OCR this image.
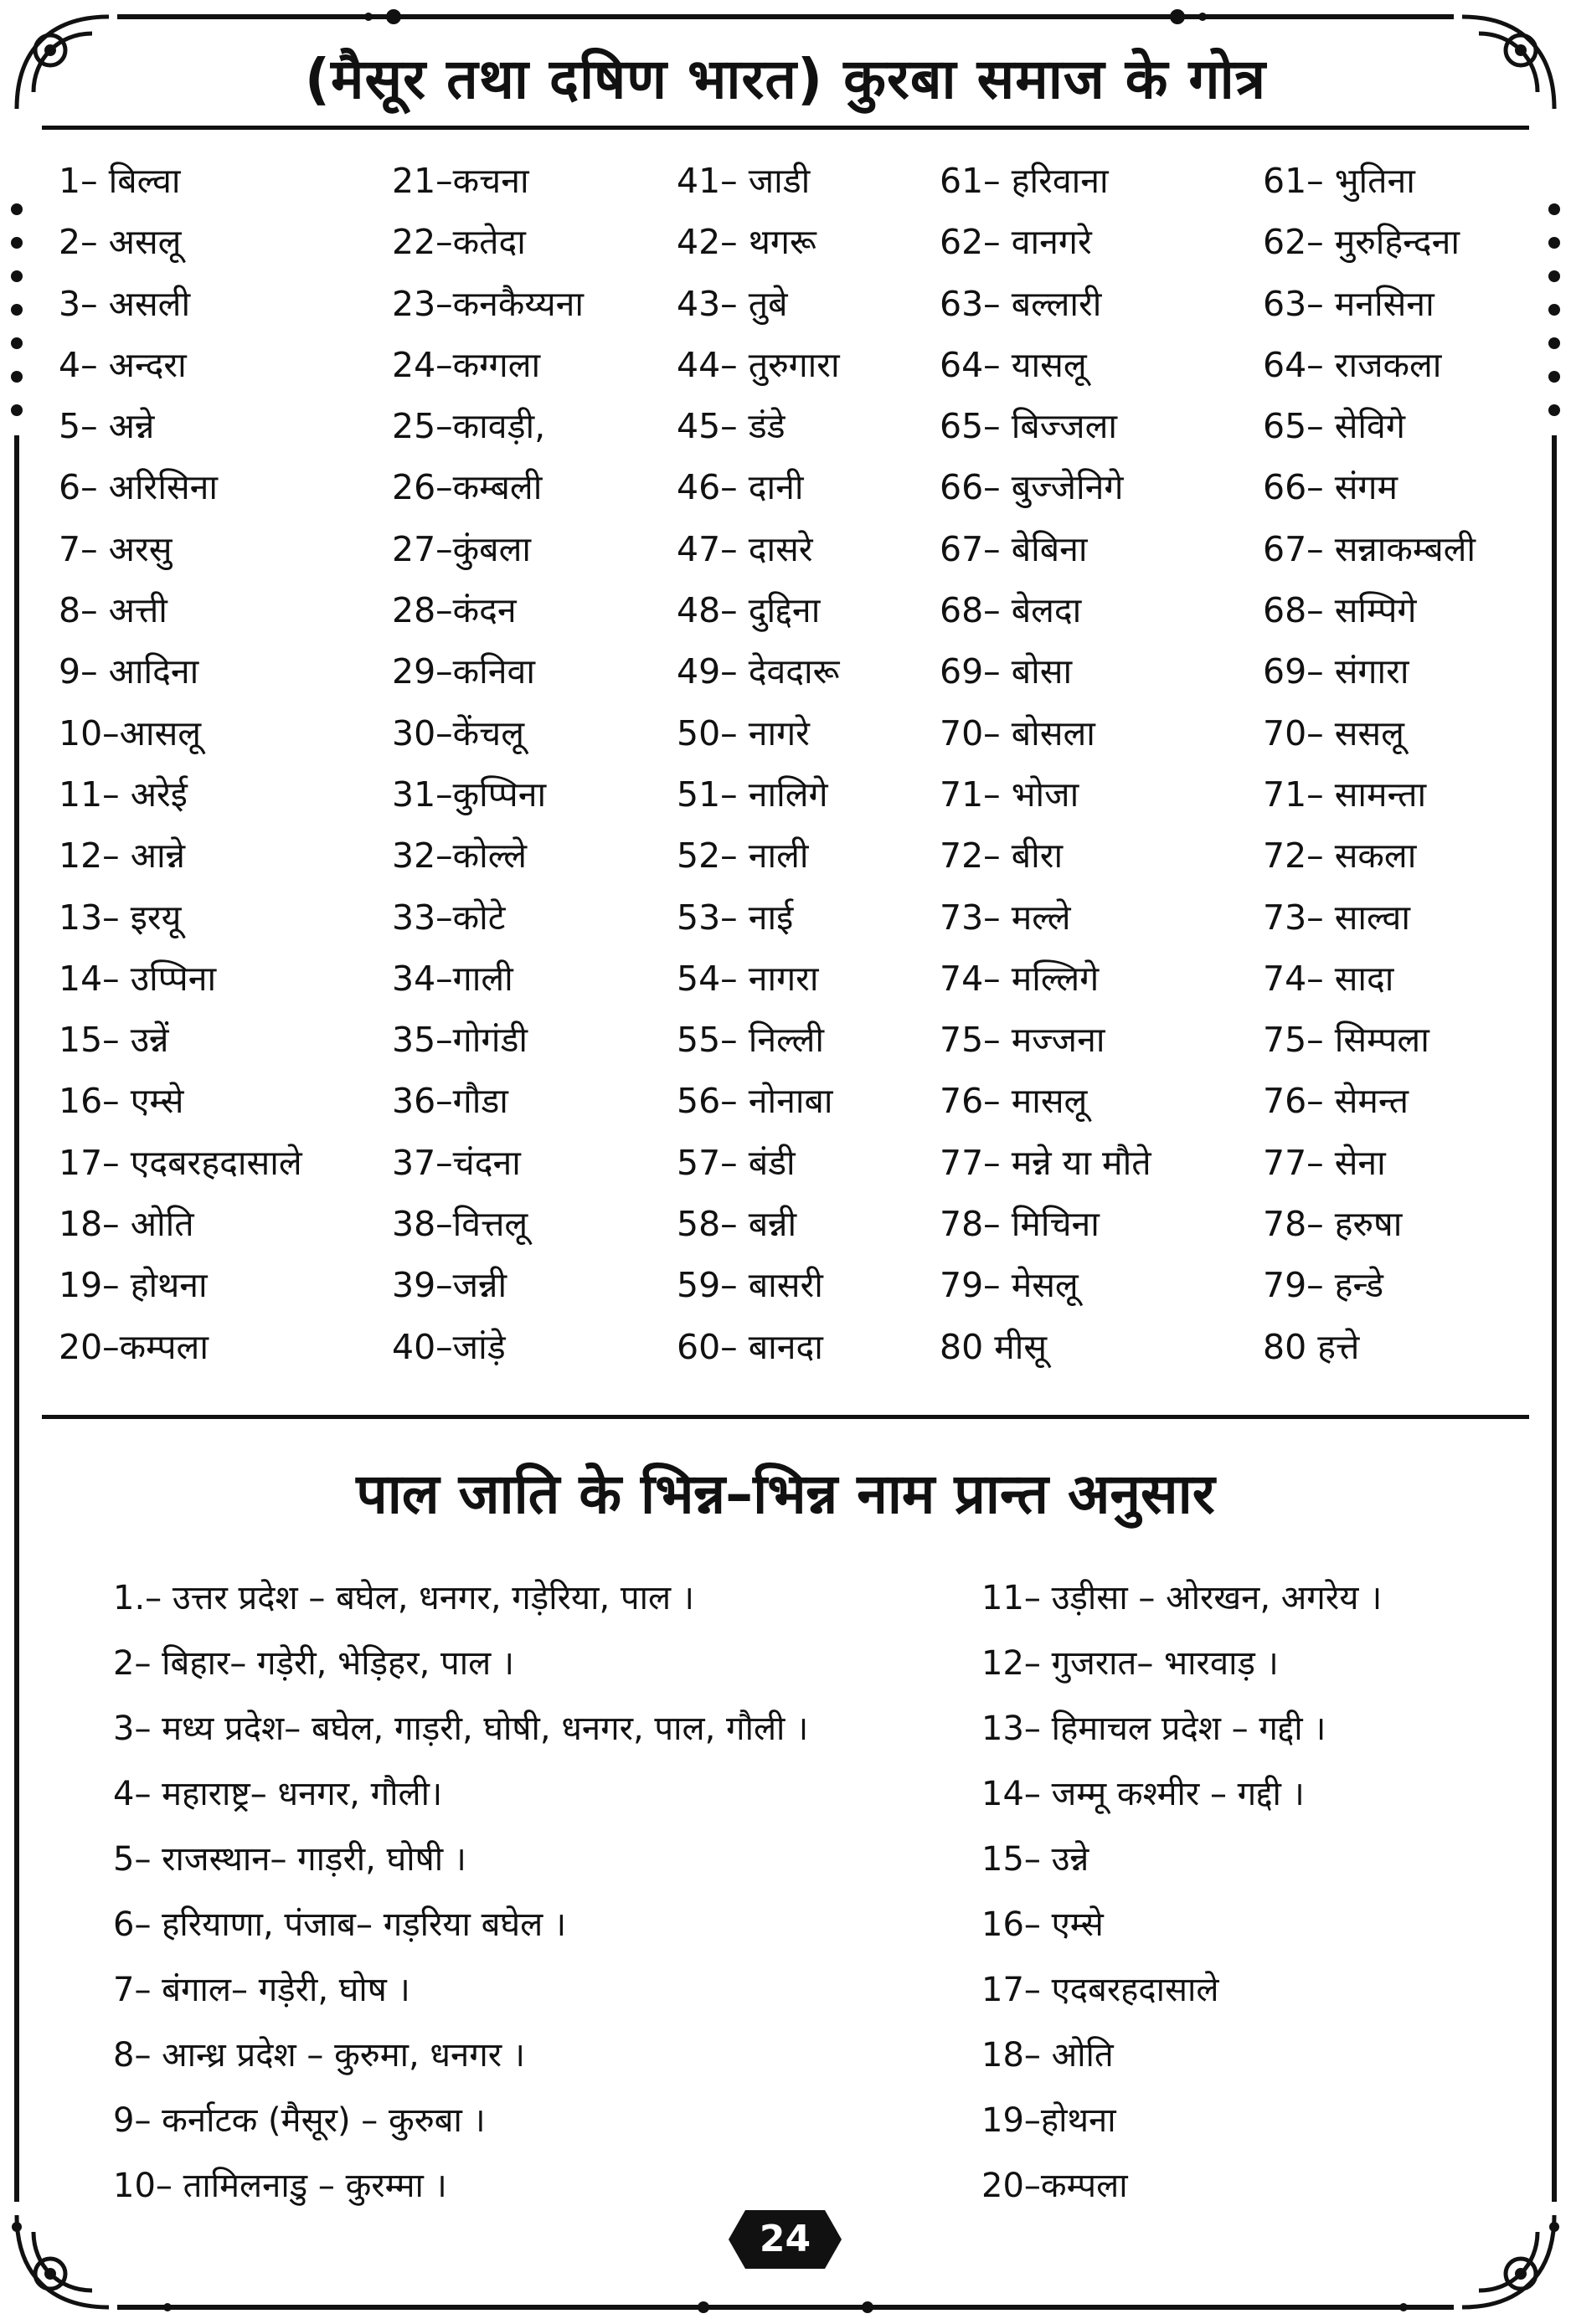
(मैसूर तथा दषिण भारत) कुरबा समाज के गोत्र
1– बिल्वा
2– असलू
3– असली
4– अन्दरा
5– अन्ने
6– अरिसिना
7– अरसु
8– अत्ती
9– आदिना
10–आसलू
11– अरेई
12– आन्ने
13– इरयू
14– उप्पिना
15– उन्नें
16– एम्से
17– एदबरहदासाले
18– ओति
19– होथना
20–कम्पला
21–कचना
22–कतेदा
23–कनकैय्यना
24–कग्गला
25–कावड़ी,
26–कम्बली
27–कुंबला
28–कंदन
29–कनिवा
30–केंचलू
31–कुप्पिना
32–कोल्ले
33–कोटे
34–गाली
35–गोगंडी
36–गौडा
37–चंदना
38–वित्तलू
39–जन्नी
40–जांड़े
41– जाडी
42– थगरू
43– तुबे
44– तुरुगारा
45– डंडे
46– दानी
47– दासरे
48– दुद्दिना
49– देवदारू
50– नागरे
51– नालिगे
52– नाली
53– नाई
54– नागरा
55– निल्ली
56– नोनाबा
57– बंडी
58– बन्नी
59– बासरी
60– बानदा
61– हरिवाना
62– वानगरे
63– बल्लारी
64– यासलू
65– बिज्जला
66– बुज्जेनिगे
67– बेबिना
68– बेलदा
69– बोसा
70– बोसला
71– भोजा
72– बीरा
73– मल्ले
74– मल्लिगे
75– मज्जना
76– मासलू
77– मन्ने या मौते
78– मिचिना
79– मेसलू
80 मीसू
61– भुतिना
62– मुरुहिन्दना
63– मनसिना
64– राजकला
65– सेविगे
66– संगम
67– सन्नाकम्बली
68– सम्पिगे
69– संगारा
70– ससलू
71– सामन्ता
72– सकला
73– साल्वा
74– सादा
75– सिम्पला
76– सेमन्त
77– सेना
78– हरुषा
79– हन्डे
80 हत्ते
पाल जाति के भिन्न–भिन्न नाम प्रान्त अनुसार
1.– उत्तर प्रदेश – बघेल, धनगर, गड़ेरिया, पाल ।
2– बिहार– गड़ेरी, भेड़िहर, पाल ।
3– मध्य प्रदेश– बघेल, गाड़री, घोषी, धनगर, पाल, गौली ।
4– महाराष्ट्र– धनगर, गौली।
5– राजस्थान– गाड़री, घोषी ।
6– हरियाणा, पंजाब– गड़रिया बघेल ।
7– बंगाल– गड़ेरी, घोष ।
8– आन्ध्र प्रदेश – कुरुमा, धनगर ।
9– कर्नाटक (मैसूर) – कुरुबा ।
10– तामिलनाडु – कुरम्मा ।
11– उड़ीसा – ओरखन, अगरेय ।
12– गुजरात– भारवाड़ ।
13– हिमाचल प्रदेश – गद्दी ।
14– जम्मू कश्मीर – गद्दी ।
15– उन्ने
16– एम्से
17– एदबरहदासाले
18– ओति
19–होथना
20–कम्पला
24
